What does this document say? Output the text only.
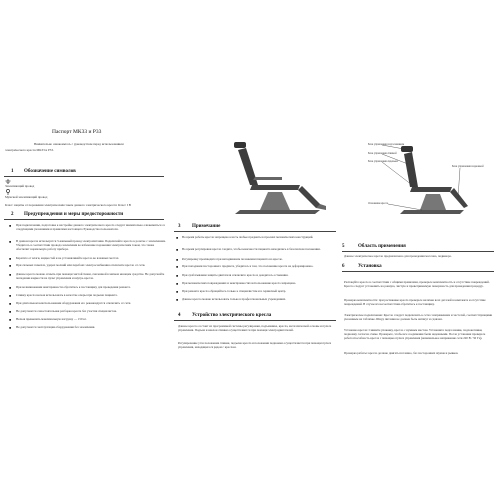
Паспорт МК33 и Р33
Внимательно ознакомьтесь с руководством перед использованием
электрического кресла МК33 и Р33.
1 Обозначение символов
Заземляющий провод
Мужской заземляющий провод
Класс защиты от поражения электрическим током данного электрического кресла: Класс I В
2 Предупреждения и меры предосторожности
■ При подключении, подготовке к настройке данного электрического кресла следует внимательно ознакомиться со следующими указаниями и правилами настоящего Руководства пользователя.
■ В данном кресле используется 3-жильный провод электропитания. Подключайте кресло к розетке с заземлением. Убедитесь в соответствии провода заземления во избежание поражения электрическим током, что также обеспечит нормальную работу прибора.
■ Берегите от влаги, жидкостей и не устанавливайте кресло во влажных местах.
■ При сильных помехах, ударах молний или перебоях электроснабжения отключите кресло от сети.
■ Данное кресло можно отмыть при помощи чистой ткани, смоченной в мягком моющем средстве. Не допускайте попадания жидкости на пульт управления и внутрь кресла.
■ При возникновении неисправности обратитесь к поставщику для проведения ремонта.
■ Спинку кресла нельзя использовать в качестве опоры при подъеме пациента.
■ При длительном неиспользовании оборудования его рекомендуется отключить от сети.
■ Не допускается самостоятельная разборка кресла без участия специалистов.
■ Нельзя превышать максимальную нагрузку — 150 кг.
■ Не допускается эксплуатация оборудования без заземления.
3 Примечание
■ Во время работы кресла запрещено класть любые предметы в проемах механических конструкций.
■ Во время регулировки кресла следите, чтобы конечности пациента находились в безопасном положении.
■ Регулировку производите при неподвижном положении пациента на кресле.
■ При попадании постороннего предмета, убедитесь в том, что положение кресла не деформировано.
■ При срабатывании защиты двигателя отключите кресло и дождитесь остывания.
■ При механических повреждениях и неисправностях использование кресла запрещено.
■ При ремонте кресла обращайтесь только к специалистам и в сервисный центр.
■ Данное кресло можно использовать только в профессиональных учреждениях.
4 Устройство электрического кресла
Данное кресло состоит из программной системы регулировки, подъемника, кресла, металлической основы и пульта управления. Подъем и наклон спинки осуществляются при помощи электродвигателей.
Регулирование угла положения спинки, подъема кресла и положения подножки осуществляется при помощи пульта управления, находящегося рядом с креслом.
Блок управления подголовником
Блок управления спинкой
Блок управления сиденьем
Блок управления подножкой
Основание кресла
5	Область применения
Данное электрическое кресло предназначено для проведения массажа, педикюра.
6	Установка
Распакуйте кресло в соответствии с общими правилами, проверьте комплектность и отсутствие повреждений. Кресло следует установить на ровную, чистую и проветриваемую поверхность для проведения процедур.
Проверка комплектности: при распаковке кресла проверьте наличие всех деталей в комплекте и отсутствие повреждений. В случае их несоответствия обратитесь к поставщику.
Электрическое подключение: Кресло следует подключить к сети с напряжением и частотой, соответствующими указанным на табличке. Шнур питания не должен быть натянут и сдавлен.
Установка кресла: Снимите упаковку, кресло с нужным местом. Установите подголовник, подлокотники, подножку согласно схеме. Проверьте, чтобы все соединения были надежными. После установки проверьте работоспособность кресла с помощью пульта управления (номинальное напряжение сети 220 В / 50 Гц).
Проверка работы: кресло должно двигаться плавно, без посторонних шумов и рывков.
